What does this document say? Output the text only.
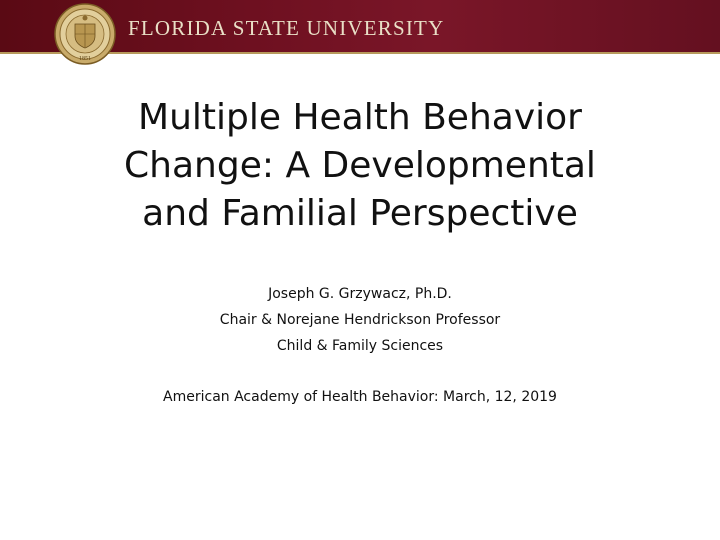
1851
FLORIDA STATE UNIVERSITY
Multiple Health Behavior
Change: A Developmental
and Familial Perspective
Joseph G. Grzywacz, Ph.D.
Chair & Norejane Hendrickson Professor
Child & Family Sciences
American Academy of Health Behavior: March, 12, 2019
